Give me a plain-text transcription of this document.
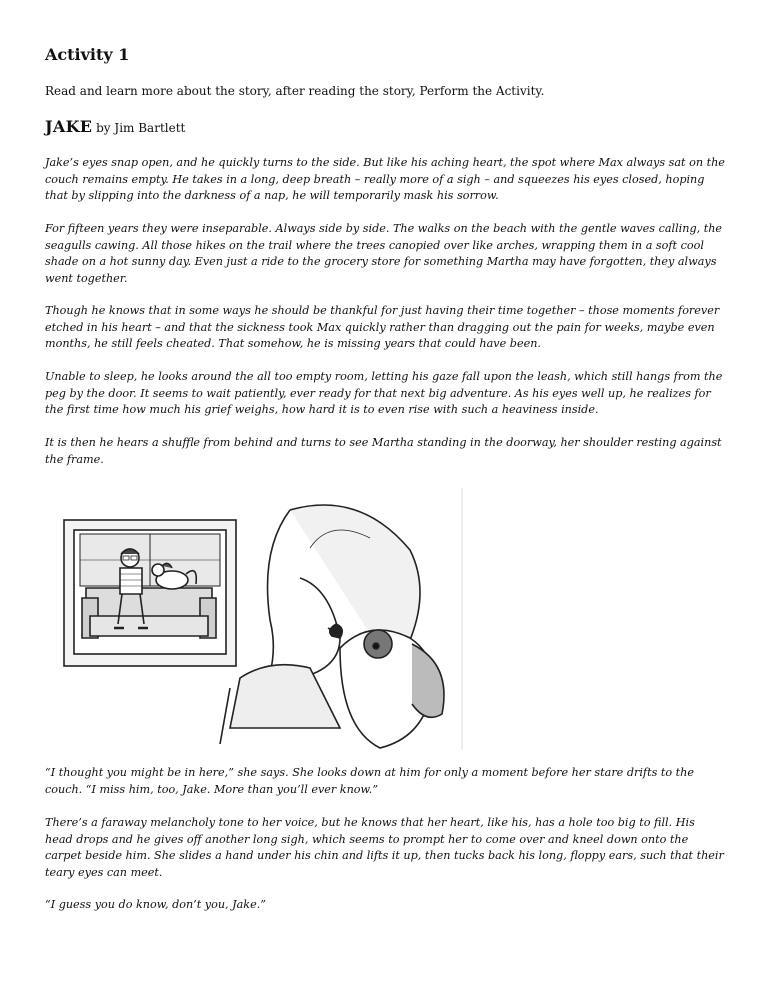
Activity 1
Read and learn more about the story, after reading the story, Perform the Activity.
JAKE by Jim Bartlett

Jake’s eyes snap open, and he quickly turns to the side. But like his aching heart, the spot where Max always sat on the couch remains empty. He takes in a long, deep breath – really more of a sigh – and squeezes his eyes closed, hoping that by slipping into the darkness of a nap, he will temporarily mask his sorrow.

For fifteen years they were inseparable. Always side by side. The walks on the beach with the gentle waves calling, the seagulls cawing. All those hikes on the trail where the trees canopied over like arches, wrapping them in a soft cool shade on a hot sunny day. Even just a ride to the grocery store for something Martha may have forgotten, they always went together.

Though he knows that in some ways he should be thankful for just having their time together – those moments forever etched in his heart – and that the sickness took Max quickly rather than dragging out the pain for weeks, maybe even months, he still feels cheated. That somehow, he is missing years that could have been.

Unable to sleep, he looks around the all too empty room, letting his gaze fall upon the leash, which still hangs from the peg by the door. It seems to wait patiently, ever ready for that next big adventure. As his eyes well up, he realizes for the first time how much his grief weighs, how hard it is to even rise with such a heaviness inside.

It is then he hears a shuffle from behind and turns to see Martha standing in the doorway, her shoulder resting against the frame.

“I thought you might be in here,” she says. She looks down at him for only a moment before her stare drifts to the couch. “I miss him, too, Jake. More than you’ll ever know.”

There’s a faraway melancholy tone to her voice, but he knows that her heart, like his, has a hole too big to fill. His head drops and he gives off another long sigh, which seems to prompt her to come over and kneel down onto the carpet beside him. She slides a hand under his chin and lifts it up, then tucks back his long, floppy ears, such that their teary eyes can meet.

“I guess you do know, don’t you, Jake.”
